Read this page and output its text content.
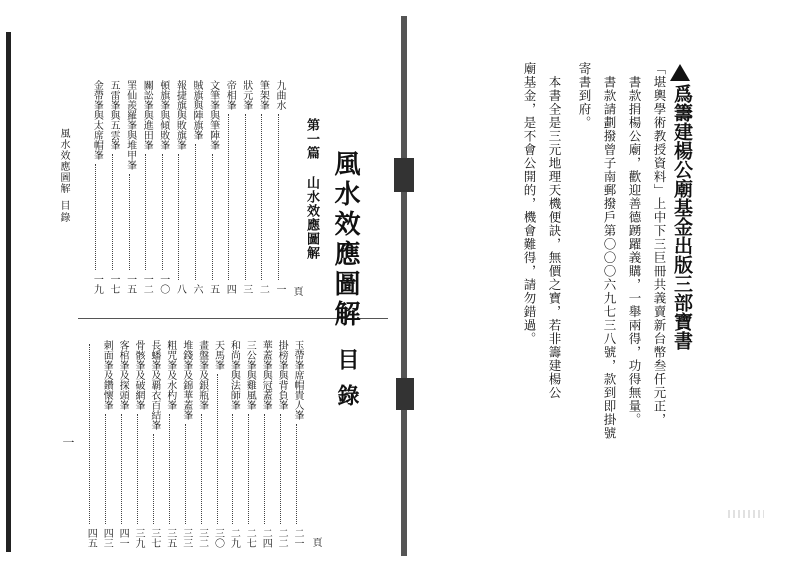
風水效應圖解
目錄
九曲水
一
筆架峯
二
狀元峯
三
帝相峯
四
文筆峯與筆陣峯
五
賊旗與陣旗峯
六
報捷旗與敗旗峯
八
頓旗峯與傾敗峯
一〇
關訟峯與進田峯
一二
罣仙羨羅峯與堆甲峯
一五
五雷峯與五雲峯
一七
金帶峯與太席帽峯
一九
玉帶峯席帽貴人峯
二一
掛榜峯與背負峯
二二
華蓋峯與冠蓋峯
二四
三公峯與雞風峯
二七
和尚峯與法師峯
二九
天馬峯
三〇
畫盤峯及銀瓶峯
三二
堆錢峯及錦華蓋峯
三三
粗咒峯及水杓峯
三五
長蟠峯及覇衣百結峯
三七
骨骸峯及破網峯
三九
客棺峯及探頭峯
四一
刺面峯及鑽懷峯
四三
四五
頁
頁
風水效應圖解
目錄
第一篇 山水效應圖解
一
爲籌建楊公廟基金出版三部寶書
「堪輿學術教授資料」上中下三巨冊共義賣新台幣叁仟元正，
　書款捐楊公廟，歡迎善德踴躍義購，一舉兩得，功得無量。
　書款請劃撥曾子南郵撥戶第〇〇〇六九七三八號，款到即掛號
寄書到府。
　本書全是三元地理天機便訣，無價之寶，若非籌建楊公
廟基金，是不會公開的，機會難得，請勿錯過。
